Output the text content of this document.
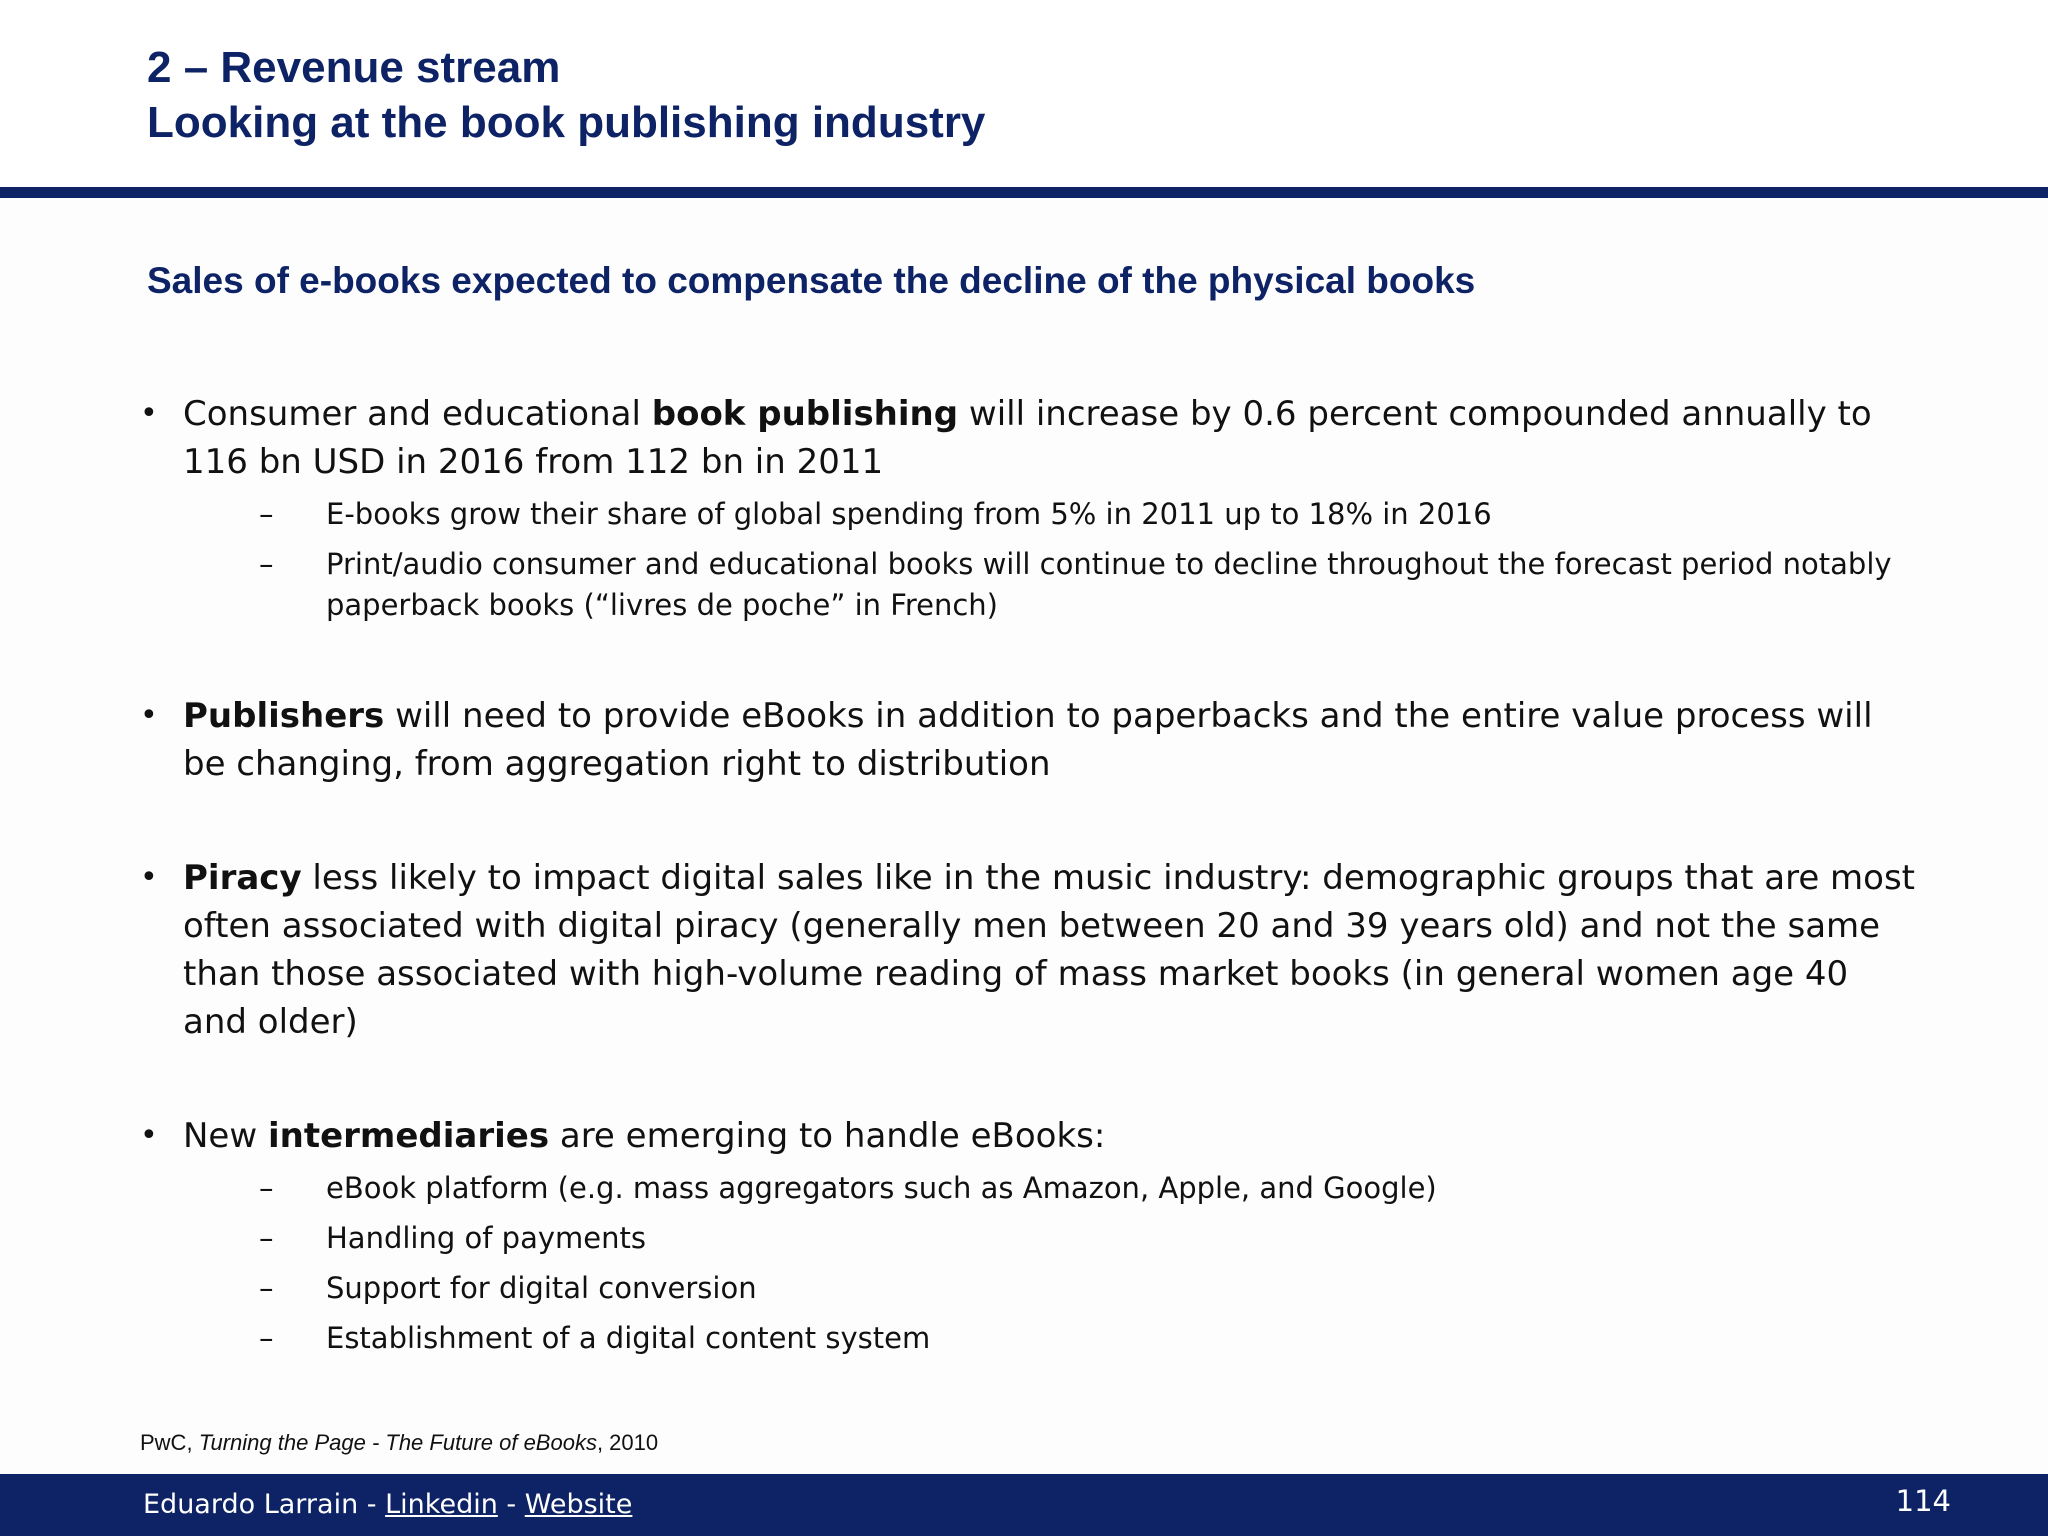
2 – Revenue stream
Looking at the book publishing industry
Sales of e-books expected to compensate the decline of the physical books
• Consumer and educational book publishing will increase by 0.6 percent compounded annually to 116 bn USD in 2016 from 112 bn in 2011
– E-books grow their share of global spending from 5% in 2011 up to 18% in 2016
– Print/audio consumer and educational books will continue to decline throughout the forecast period notably paperback books (“livres de poche” in French)
• Publishers will need to provide eBooks in addition to paperbacks and the entire value process will be changing, from aggregation right to distribution
• Piracy less likely to impact digital sales like in the music industry: demographic groups that are most often associated with digital piracy (generally men between 20 and 39 years old) and not the same than those associated with high-volume reading of mass market books (in general women age 40 and older)
• New intermediaries are emerging to handle eBooks:
– eBook platform (e.g. mass aggregators such as Amazon, Apple, and Google)
– Handling of payments
– Support for digital conversion
– Establishment of a digital content system
PwC, Turning the Page - The Future of eBooks, 2010
Eduardo Larrain - Linkedin - Website	114
